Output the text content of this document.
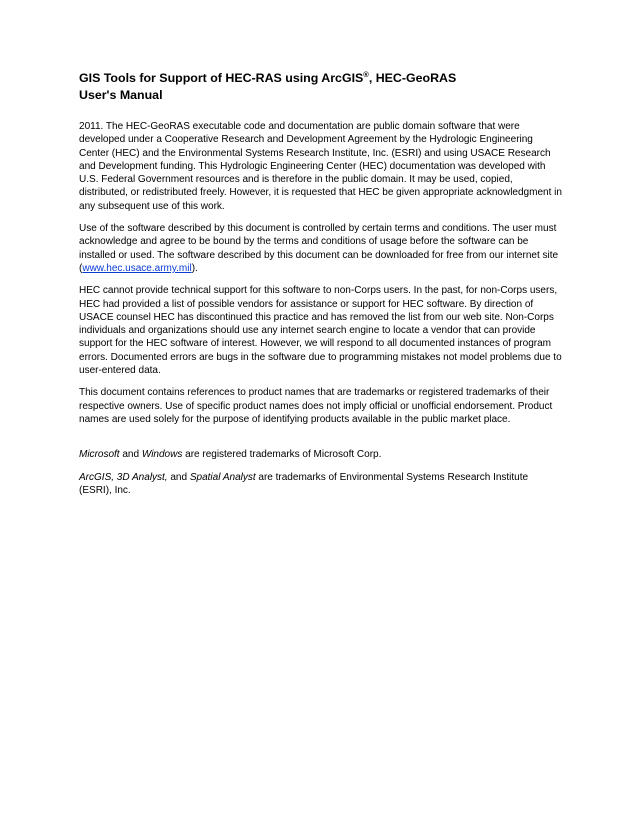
GIS Tools for Support of HEC-RAS using ArcGIS®, HEC-GeoRAS
User's Manual

2011. The HEC-GeoRAS executable code and documentation are public domain software that were developed under a Cooperative Research and Development Agreement by the Hydrologic Engineering Center (HEC) and the Environmental Systems Research Institute, Inc. (ESRI) and using USACE Research and Development funding. This Hydrologic Engineering Center (HEC) documentation was developed with U.S. Federal Government resources and is therefore in the public domain. It may be used, copied, distributed, or redistributed freely. However, it is requested that HEC be given appropriate acknowledgment in any subsequent use of this work.

Use of the software described by this document is controlled by certain terms and conditions. The user must acknowledge and agree to be bound by the terms and conditions of usage before the software can be installed or used. The software described by this document can be downloaded for free from our internet site (www.hec.usace.army.mil).

HEC cannot provide technical support for this software to non-Corps users. In the past, for non-Corps users, HEC had provided a list of possible vendors for assistance or support for HEC software. By direction of USACE counsel HEC has discontinued this practice and has removed the list from our web site. Non-Corps individuals and organizations should use any internet search engine to locate a vendor that can provide support for the HEC software of interest. However, we will respond to all documented instances of program errors. Documented errors are bugs in the software due to programming mistakes not model problems due to user-entered data.

This document contains references to product names that are trademarks or registered trademarks of their respective owners. Use of specific product names does not imply official or unofficial endorsement. Product names are used solely for the purpose of identifying products available in the public market place.

Microsoft and Windows are registered trademarks of Microsoft Corp.

ArcGIS, 3D Analyst, and Spatial Analyst are trademarks of Environmental Systems Research Institute (ESRI), Inc.
